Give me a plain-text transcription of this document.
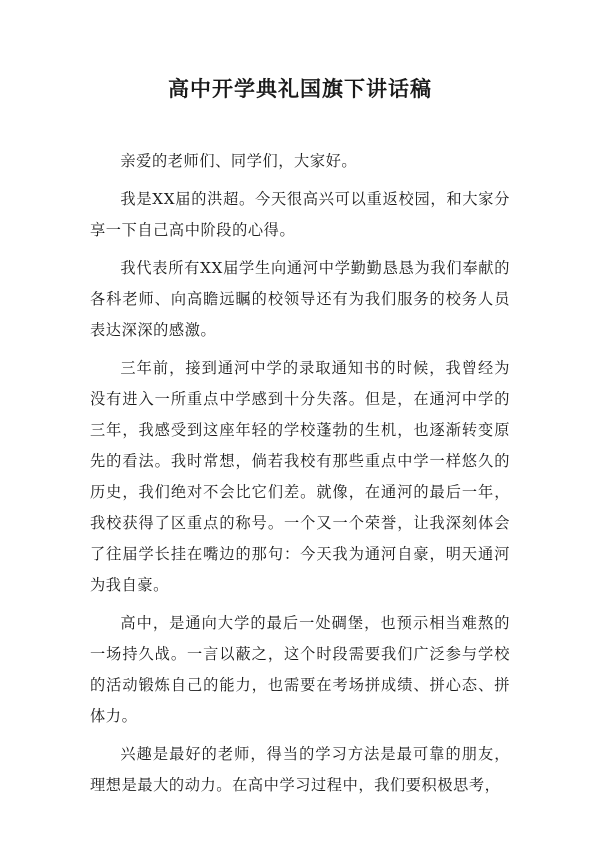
高中开学典礼国旗下讲话稿

亲爱的老师们、同学们，大家好。

我是XX届的洪超。今天很高兴可以重返校园，和大家分享一下自己高中阶段的心得。

我代表所有XX届学生向通河中学勤勤恳恳为我们奉献的各科老师、向高瞻远瞩的校领导还有为我们服务的校务人员表达深深的感激。

三年前，接到通河中学的录取通知书的时候，我曾经为没有进入一所重点中学感到十分失落。但是，在通河中学的三年，我感受到这座年轻的学校蓬勃的生机，也逐渐转变原先的看法。我时常想，倘若我校有那些重点中学一样悠久的历史，我们绝对不会比它们差。就像，在通河的最后一年，我校获得了区重点的称号。一个又一个荣誉，让我深刻体会了往届学长挂在嘴边的那句：今天我为通河自豪，明天通河为我自豪。

高中，是通向大学的最后一处碉堡，也预示相当难熬的一场持久战。一言以蔽之，这个时段需要我们广泛参与学校的活动锻炼自己的能力，也需要在考场拼成绩、拼心态、拼体力。

兴趣是最好的老师，得当的学习方法是最可靠的朋友，理想是最大的动力。在高中学习过程中，我们要积极思考，
